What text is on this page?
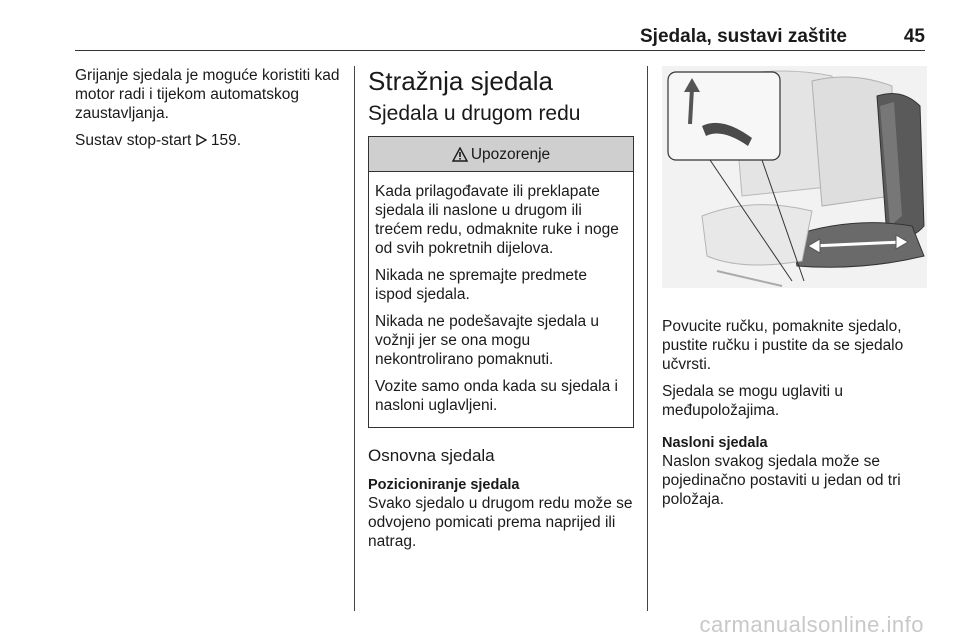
Sjedala, sustavi zaštite	45

Grijanje sjedala je moguće koristiti kad motor radi i tijekom automatskog zaustavljanja.

Sustav stop-start 159.

Stražnja sjedala
Sjedala u drugom redu
Upozorenje

Kada prilagođavate ili preklapate sjedala ili naslone u drugom ili trećem redu, odmaknite ruke i noge od svih pokretnih dijelova.

Nikada ne spremajte predmete ispod sjedala.

Nikada ne podešavajte sjedala u vožnji jer se ona mogu nekontrolirano pomaknuti.

Vozite samo onda kada su sjedala i nasloni uglavljeni.

Osnovna sjedala
Pozicioniranje sjedala

Svako sjedalo u drugom redu može se odvojeno pomicati prema naprijed ili natrag.

Povucite ručku, pomaknite sjedalo, pustite ručku i pustite da se sjedalo učvrsti.

Sjedala se mogu uglaviti u međupoložajima.

Nasloni sjedala

Naslon svakog sjedala može se pojedinačno postaviti u jedan od tri položaja.

carmanualsonline.info
